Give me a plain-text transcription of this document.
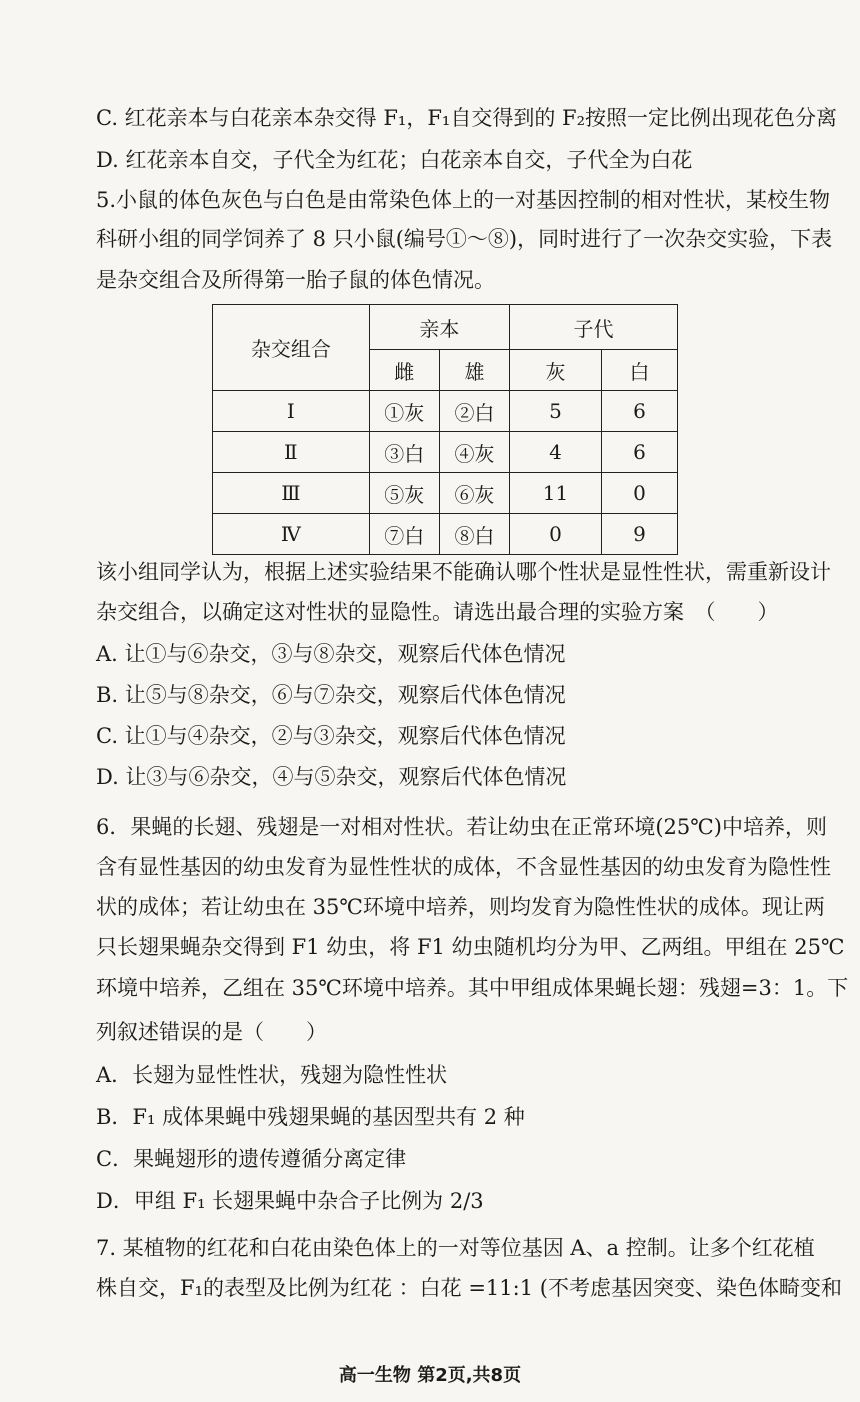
C. 红花亲本与白花亲本杂交得 F₁，F₁自交得到的 F₂按照一定比例出现花色分离
D. 红花亲本自交，子代全为红花；白花亲本自交，子代全为白花
5.小鼠的体色灰色与白色是由常染色体上的一对基因控制的相对性状，某校生物
科研小组的同学饲养了 8 只小鼠(编号①～⑧)，同时进行了一次杂交实验，下表
是杂交组合及所得第一胎子鼠的体色情况。
杂交组合	亲本		子代	
	雌	雄	灰	白
Ⅰ	①灰	②白	5	6
Ⅱ	③白	④灰	4	6
Ⅲ	⑤灰	⑥灰	11	0
Ⅳ	⑦白	⑧白	0	9
该小组同学认为，根据上述实验结果不能确认哪个性状是显性性状，需重新设计
杂交组合，以确定这对性状的显隐性。请选出最合理的实验方案　（　　）
A. 让①与⑥杂交，③与⑧杂交，观察后代体色情况
B. 让⑤与⑧杂交，⑥与⑦杂交，观察后代体色情况
C. 让①与④杂交，②与③杂交，观察后代体色情况
D. 让③与⑥杂交，④与⑤杂交，观察后代体色情况
6．果蝇的长翅、残翅是一对相对性状。若让幼虫在正常环境(25℃)中培养，则
含有显性基因的幼虫发育为显性性状的成体，不含显性基因的幼虫发育为隐性性
状的成体；若让幼虫在 35℃环境中培养，则均发育为隐性性状的成体。现让两
只长翅果蝇杂交得到 F1 幼虫，将 F1 幼虫随机均分为甲、乙两组。甲组在 25℃
环境中培养，乙组在 35℃环境中培养。其中甲组成体果蝇长翅：残翅=3：1。下
列叙述错误的是（　　）
A．长翅为显性性状，残翅为隐性性状
B．F₁ 成体果蝇中残翅果蝇的基因型共有 2 种
C．果蝇翅形的遗传遵循分离定律
D．甲组 F₁ 长翅果蝇中杂合子比例为 2/3
7. 某植物的红花和白花由染色体上的一对等位基因 A、a 控制。让多个红花植
株自交，F₁的表型及比例为红花 ：白花 =11:1 (不考虑基因突变、染色体畸变和
高一生物 第2页,共8页
